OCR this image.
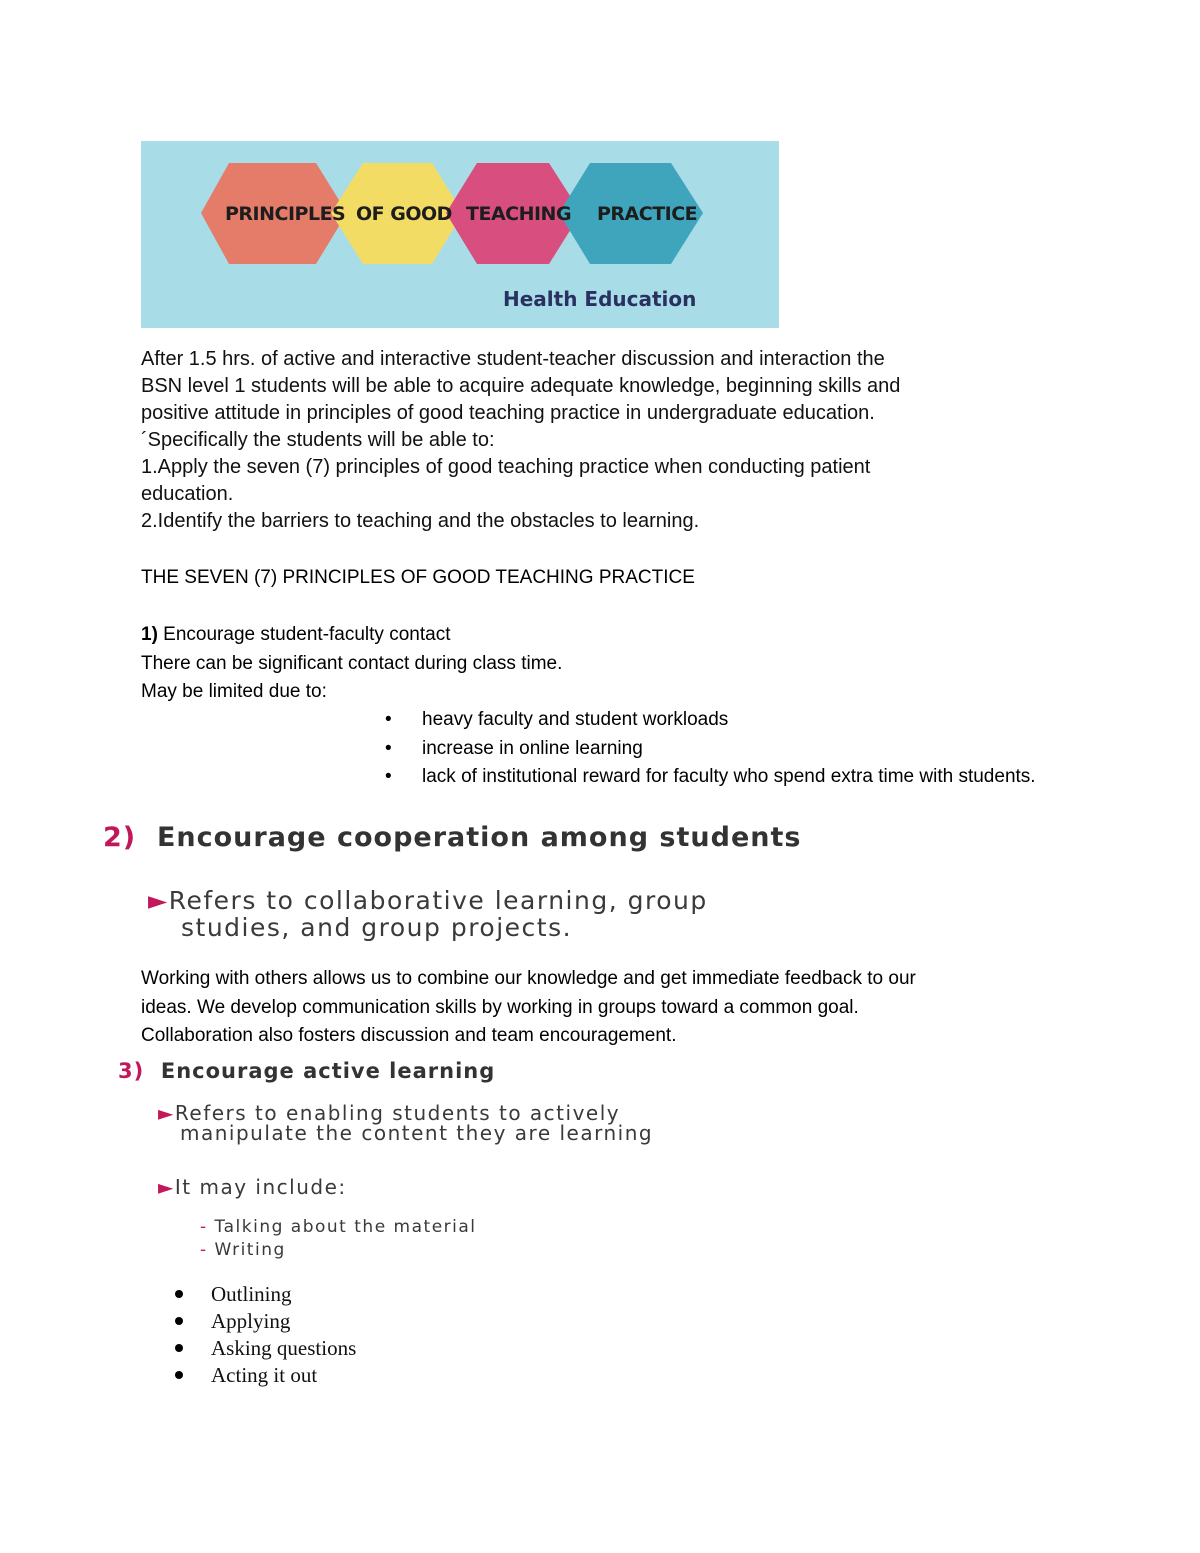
PRINCIPLES OF GOOD TEACHING PRACTICE
Health Education

After 1.5 hrs. of active and interactive student-teacher discussion and interaction the

BSN level 1 students will be able to acquire adequate knowledge, beginning skills and

positive attitude in principles of good teaching practice in undergraduate education.

´Specifically the students will be able to:

1.Apply the seven (7) principles of good teaching practice when conducting patient

education.

2.Identify the barriers to teaching and the obstacles to learning.

THE SEVEN (7) PRINCIPLES OF GOOD TEACHING PRACTICE

1) Encourage student-faculty contact

There can be significant contact during class time.

May be limited due to:

• heavy faculty and student workloads
• increase in online learning
• lack of institutional reward for faculty who spend extra time with students.
2) Encourage cooperation among students
►Refers to collaborative learning, group
studies, and group projects.

Working with others allows us to combine our knowledge and get immediate feedback to our

ideas. We develop communication skills by working in groups toward a common goal.

Collaboration also fosters discussion and team encouragement.

3) Encourage active learning
►Refers to enabling students to actively
manipulate the content they are learning
►It may include:
- Talking about the material
- Writing
Outlining
Applying
Asking questions
Acting it out
